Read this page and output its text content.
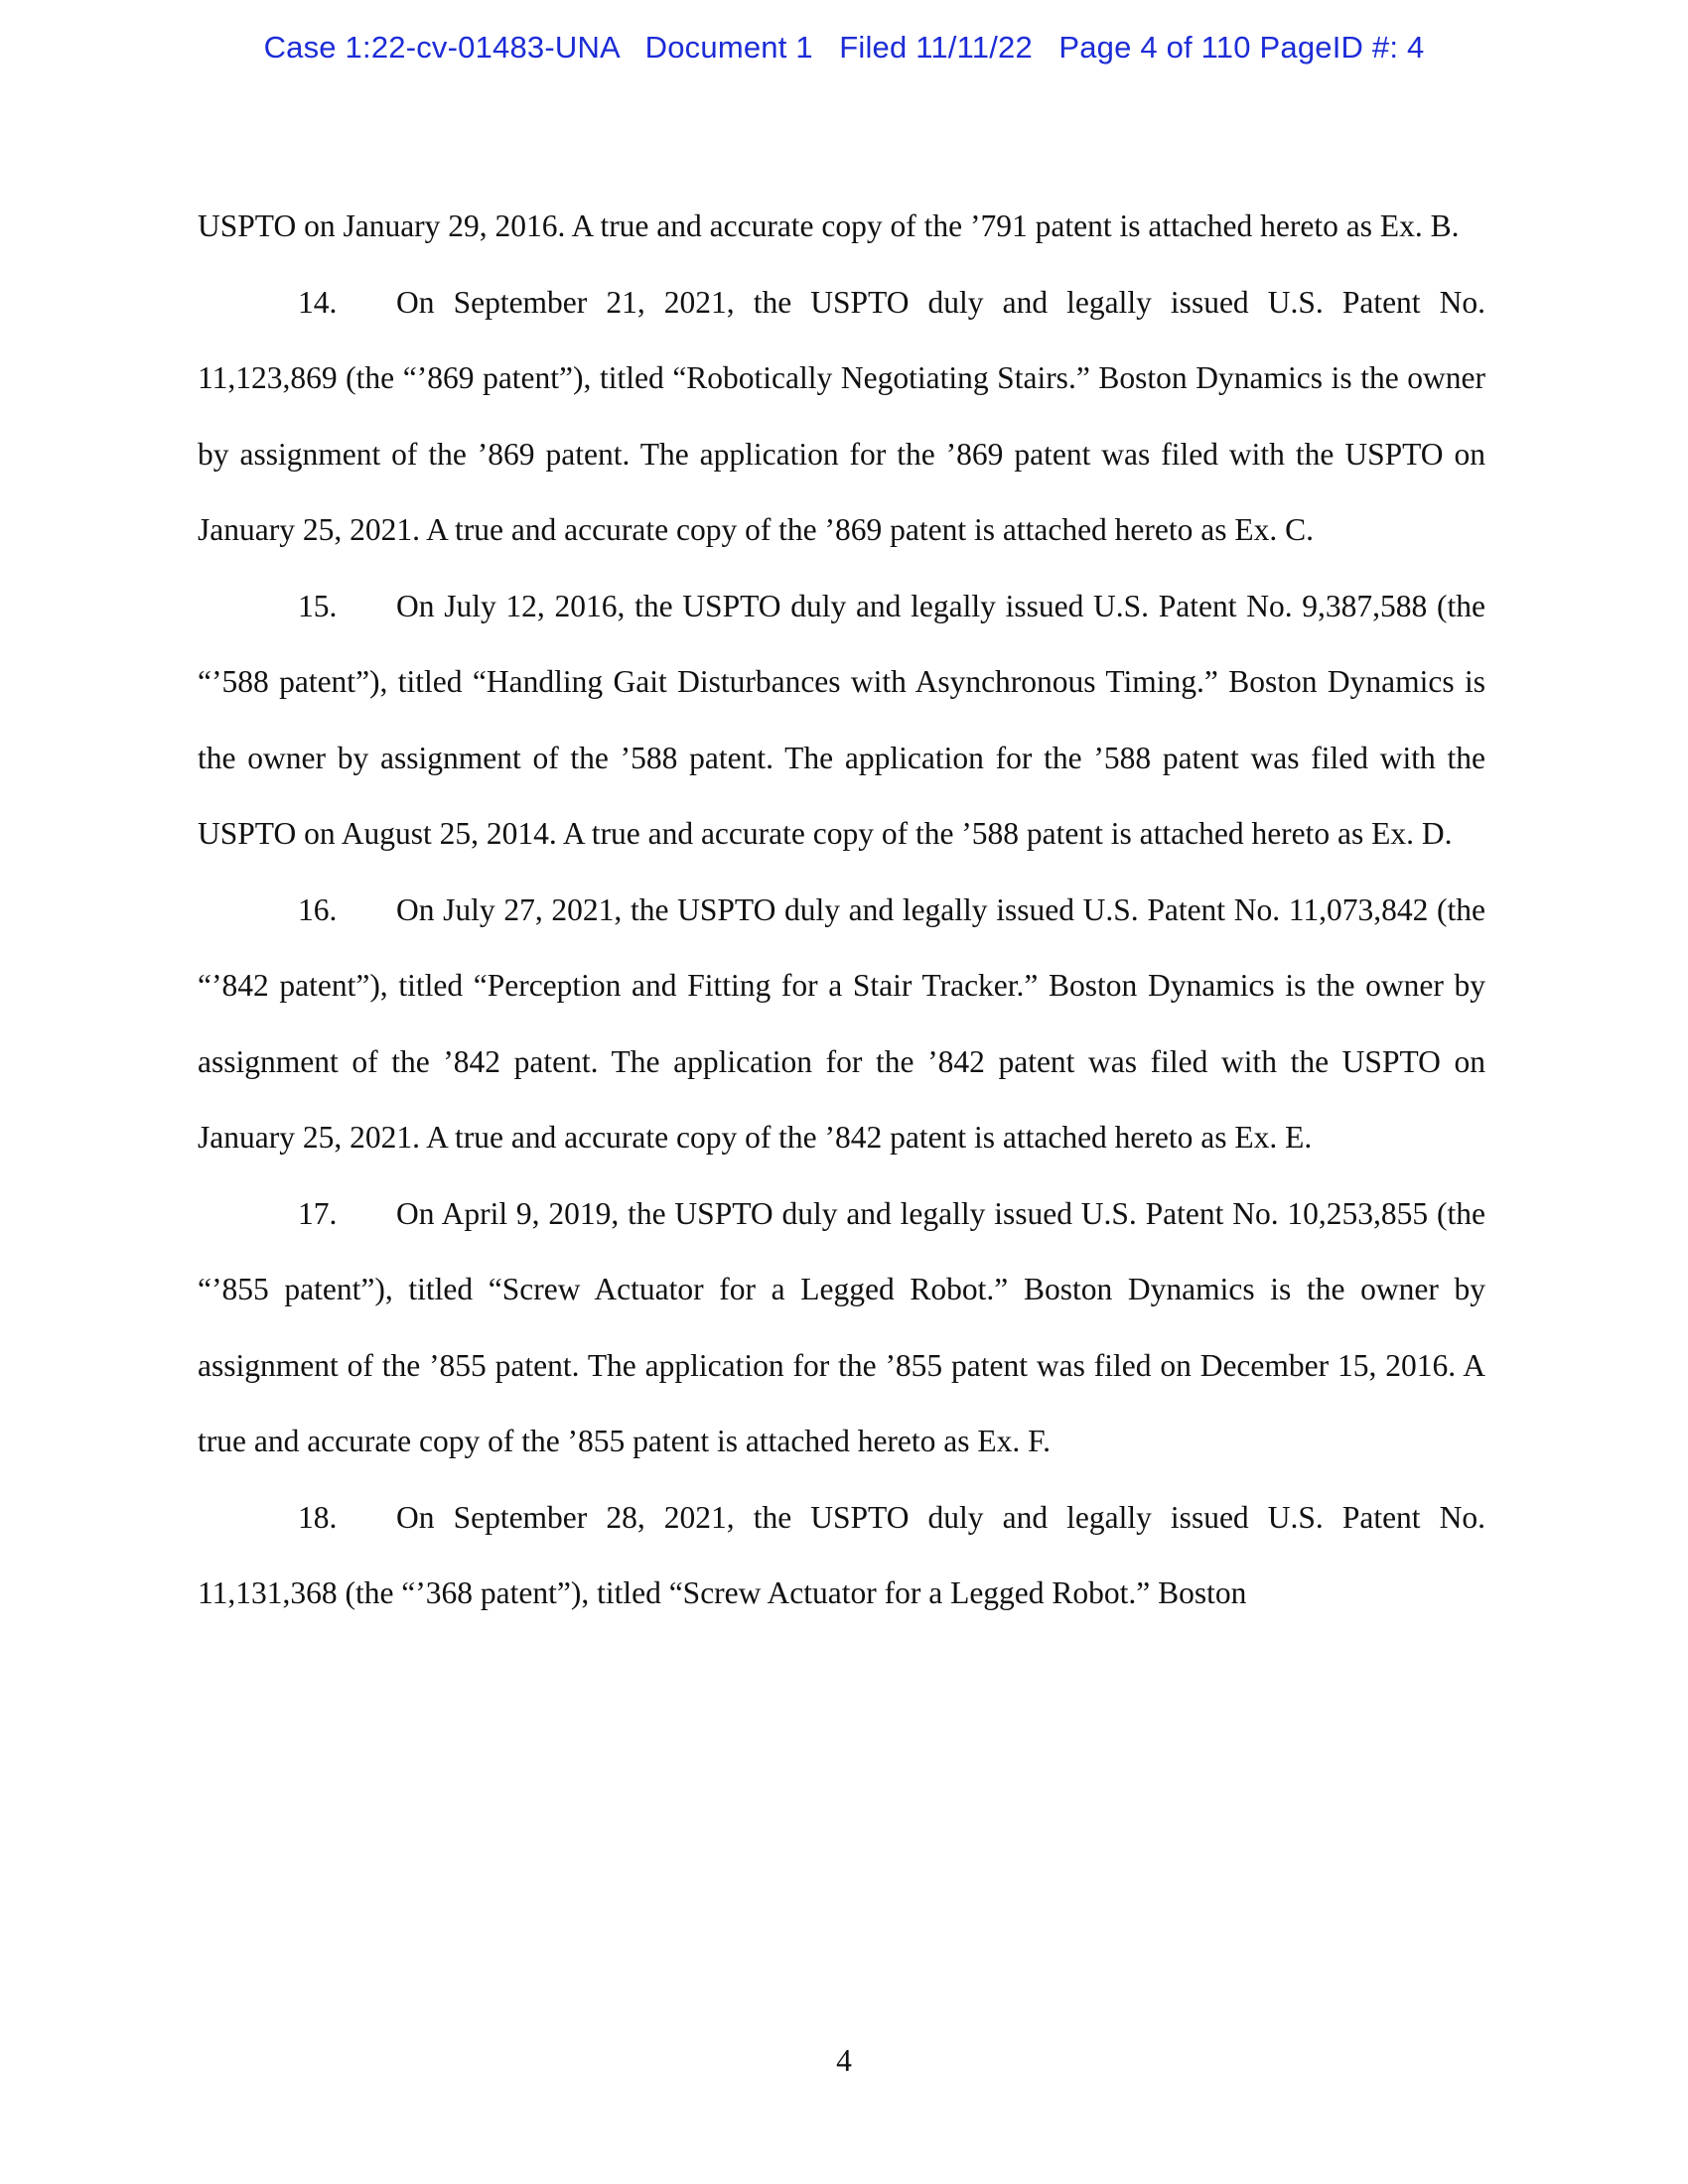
Case 1:22-cv-01483-UNA   Document 1   Filed 11/11/22   Page 4 of 110 PageID #: 4

USPTO on January 29, 2016. A true and accurate copy of the ’791 patent is attached hereto as Ex. B.

14. On September 21, 2021, the USPTO duly and legally issued U.S. Patent No. 11,123,869 (the “’869 patent”), titled “Robotically Negotiating Stairs.” Boston Dynamics is the owner by assignment of the ’869 patent. The application for the ’869 patent was filed with the USPTO on January 25, 2021. A true and accurate copy of the ’869 patent is attached hereto as Ex. C.

15. On July 12, 2016, the USPTO duly and legally issued U.S. Patent No. 9,387,588 (the “’588 patent”), titled “Handling Gait Disturbances with Asynchronous Timing.” Boston Dynamics is the owner by assignment of the ’588 patent. The application for the ’588 patent was filed with the USPTO on August 25, 2014. A true and accurate copy of the ’588 patent is attached hereto as Ex. D.

16. On July 27, 2021, the USPTO duly and legally issued U.S. Patent No. 11,073,842 (the “’842 patent”), titled “Perception and Fitting for a Stair Tracker.” Boston Dynamics is the owner by assignment of the ’842 patent. The application for the ’842 patent was filed with the USPTO on January 25, 2021. A true and accurate copy of the ’842 patent is attached hereto as Ex. E.

17. On April 9, 2019, the USPTO duly and legally issued U.S. Patent No. 10,253,855 (the “’855 patent”), titled “Screw Actuator for a Legged Robot.” Boston Dynamics is the owner by assignment of the ’855 patent. The application for the ’855 patent was filed on December 15, 2016. A true and accurate copy of the ’855 patent is attached hereto as Ex. F.

18. On September 28, 2021, the USPTO duly and legally issued U.S. Patent No. 11,131,368 (the “’368 patent”), titled “Screw Actuator for a Legged Robot.” Boston

4
